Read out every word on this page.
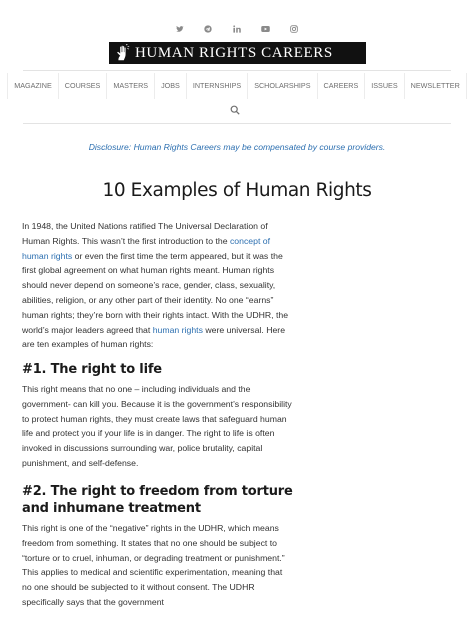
HUMAN RIGHTS CAREERS
MAGAZINE	COURSES	MASTERS	JOBS	INTERNSHIPS	SCHOLARSHIPS	CAREERS	ISSUES	NEWSLETTER
Disclosure: Human Rights Careers may be compensated by course providers.
10 Examples of Human Rights

In 1948, the United Nations ratified The Universal Declaration of Human Rights. This wasn’t the first introduction to the concept of human rights or even the first time the term appeared, but it was the first global agreement on what human rights meant. Human rights should never depend on someone’s race, gender, class, sexuality, abilities, religion, or any other part of their identity. No one “earns” human rights; they’re born with their rights intact. With the UDHR, the world’s major leaders agreed that human rights were universal. Here are ten examples of human rights:

#1. The right to life

This right means that no one – including individuals and the government- can kill you. Because it is the government’s responsibility to protect human rights, they must create laws that safeguard human life and protect you if your life is in danger. The right to life is often invoked in discussions surrounding war, police brutality, capital punishment, and self-defense.

#2. The right to freedom from torture and inhumane treatment

This right is one of the “negative” rights in the UDHR, which means freedom from something. It states that no one should be subject to “torture or to cruel, inhuman, or degrading treatment or punishment.” This applies to medical and scientific experimentation, meaning that no one should be subjected to it without consent. The UDHR specifically says that the government
